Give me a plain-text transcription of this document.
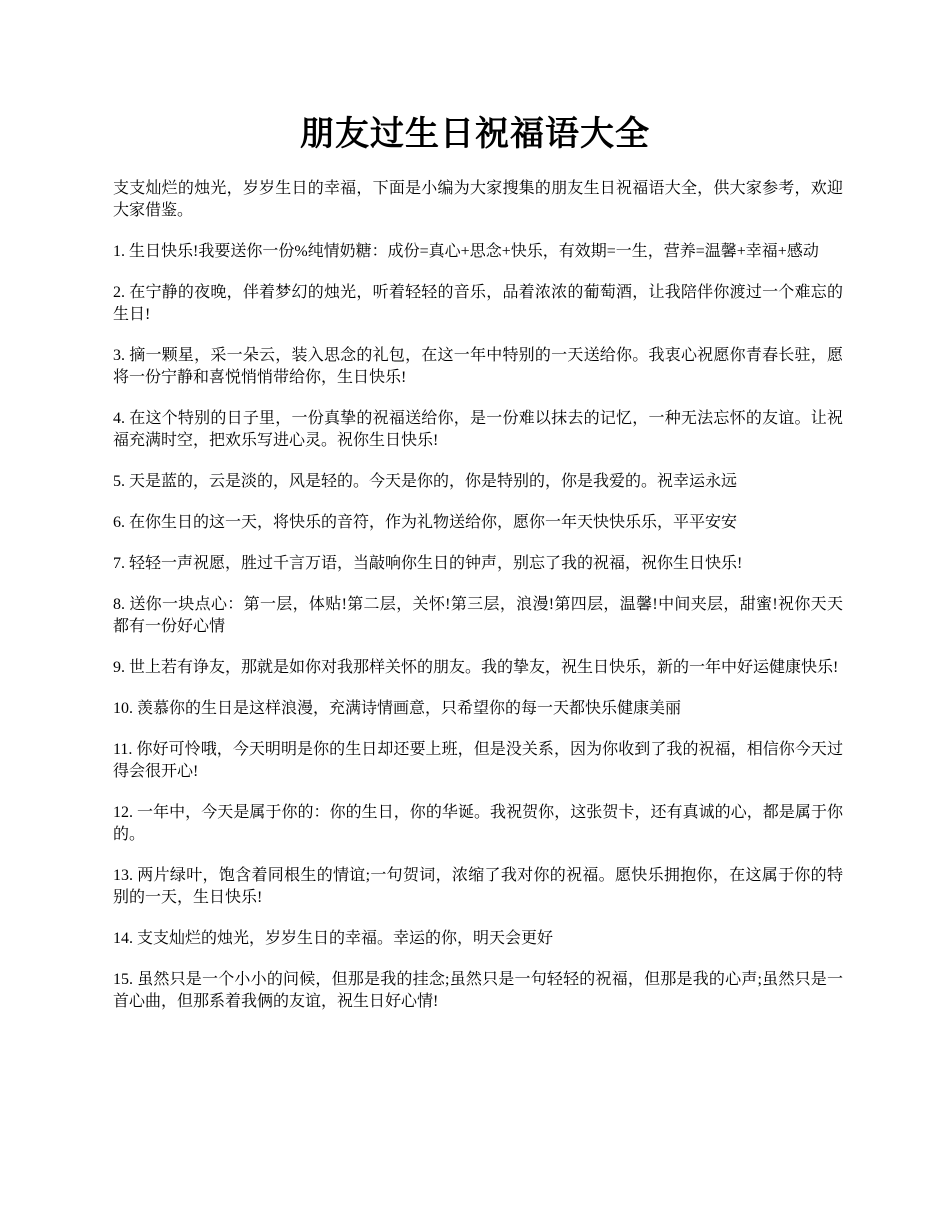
朋友过生日祝福语大全

支支灿烂的烛光，岁岁生日的幸福，下面是小编为大家搜集的朋友生日祝福语大全，供大家参考，欢迎大家借鉴。

1. 生日快乐!我要送你一份%纯情奶糖：成份=真心+思念+快乐，有效期=一生，营养=温馨+幸福+感动

2. 在宁静的夜晚，伴着梦幻的烛光，听着轻轻的音乐，品着浓浓的葡萄酒，让我陪伴你渡过一个难忘的生日!

3. 摘一颗星，采一朵云，装入思念的礼包，在这一年中特别的一天送给你。我衷心祝愿你青春长驻，愿将一份宁静和喜悦悄悄带给你，生日快乐!

4. 在这个特别的日子里，一份真挚的祝福送给你，是一份难以抹去的记忆，一种无法忘怀的友谊。让祝福充满时空，把欢乐写进心灵。祝你生日快乐!

5. 天是蓝的，云是淡的，风是轻的。今天是你的，你是特别的，你是我爱的。祝幸运永远

6. 在你生日的这一天，将快乐的音符，作为礼物送给你，愿你一年天快快乐乐，平平安安

7. 轻轻一声祝愿，胜过千言万语，当敲响你生日的钟声，别忘了我的祝福，祝你生日快乐!

8. 送你一块点心：第一层，体贴!第二层，关怀!第三层，浪漫!第四层，温馨!中间夹层，甜蜜!祝你天天都有一份好心情

9. 世上若有诤友，那就是如你对我那样关怀的朋友。我的挚友，祝生日快乐，新的一年中好运健康快乐!

10. 羡慕你的生日是这样浪漫，充满诗情画意，只希望你的每一天都快乐健康美丽

11. 你好可怜哦，今天明明是你的生日却还要上班，但是没关系，因为你收到了我的祝福，相信你今天过得会很开心!

12. 一年中，今天是属于你的：你的生日，你的华诞。我祝贺你，这张贺卡，还有真诚的心，都是属于你的。

13. 两片绿叶，饱含着同根生的情谊;一句贺词，浓缩了我对你的祝福。愿快乐拥抱你，在这属于你的特别的一天，生日快乐!

14. 支支灿烂的烛光，岁岁生日的幸福。幸运的你，明天会更好

15. 虽然只是一个小小的问候，但那是我的挂念;虽然只是一句轻轻的祝福，但那是我的心声;虽然只是一首心曲，但那系着我俩的友谊，祝生日好心情!
